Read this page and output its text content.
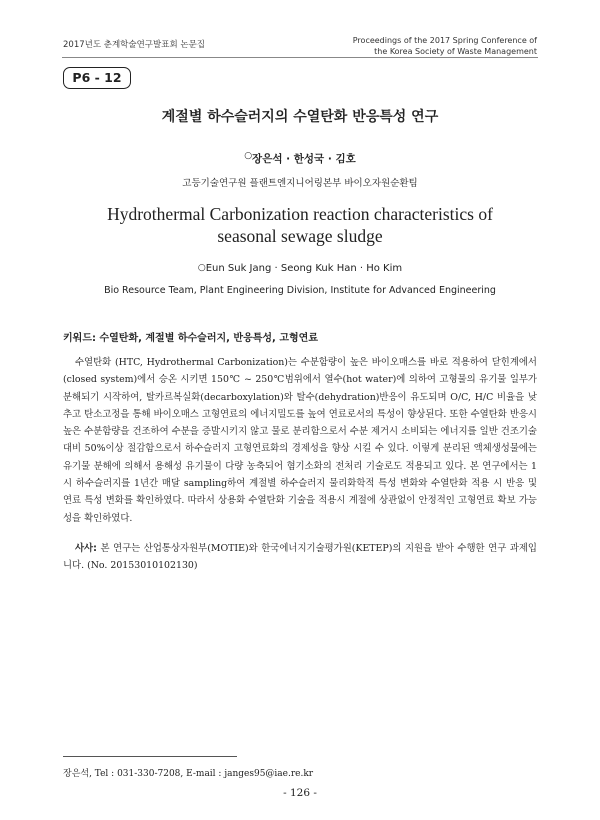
2017년도 춘계학술연구발표회 논문집	Proceedings of the 2017 Spring Conference of
the Korea Society of Waste Management
P6 - 12
계절별 하수슬러지의 수열탄화 반응특성 연구
○장은석 · 한성국 · 김호
고등기술연구원 플랜트엔지니어링본부 바이오자원순환팀
Hydrothermal Carbonization reaction characteristics of
seasonal sewage sludge
○Eun Suk Jang · Seong Kuk Han · Ho Kim
Bio Resource Team, Plant Engineering Division, Institute for Advanced Engineering
키워드: 수열탄화, 계절별 하수슬러지, 반응특성, 고형연료
수열탄화 (HTC, Hydrothermal Carbonization)는 수분함량이 높은 바이오매스를 바로 적용하여 닫힌계에서 (closed system)에서 승온 시키면 150℃ ~ 250℃범위에서 열수(hot water)에 의하여 고형물의 유기물 일부가 분해되기 시작하여, 탈카르복실화(decarboxylation)와 탈수(dehydration)반응이 유도되며 O/C, H/C 비율을 낮추고 탄소고정을 통해 바이오매스 고형연료의 에너지밀도를 높여 연료로서의 특성이 향상된다. 또한 수열탄화 반응시 높은 수분함량을 건조하여 수분을 증발시키지 않고 물로 분리함으로서 수분 제거시 소비되는 에너지를 일반 건조기술 대비 50%이상 절감함으로서 하수슬러지 고형연료화의 경제성을 향상 시킬 수 있다. 이렇게 분리된 액체생성물에는 유기물 분해에 의해서 용해성 유기물이 다량 농축되어 혐기소화의 전처리 기술로도 적용되고 있다. 본 연구에서는 1시 하수슬러지를 1년간 매달 sampling하여 계절별 하수슬러지 물리화학적 특성 변화와 수열탄화 적용 시 반응 및 연료 특성 변화를 확인하였다. 따라서 상용화 수열탄화 기술을 적용시 계절에 상관없이 안정적인 고형연료 확보 가능성을 확인하였다.
사사: 본 연구는 산업통상자원부(MOTIE)와 한국에너지기술평가원(KETEP)의 지원을 받아 수행한 연구 과제입니다. (No. 20153010102130)
장은석, Tel : 031-330-7208, E-mail : janges95@iae.re.kr
- 126 -
